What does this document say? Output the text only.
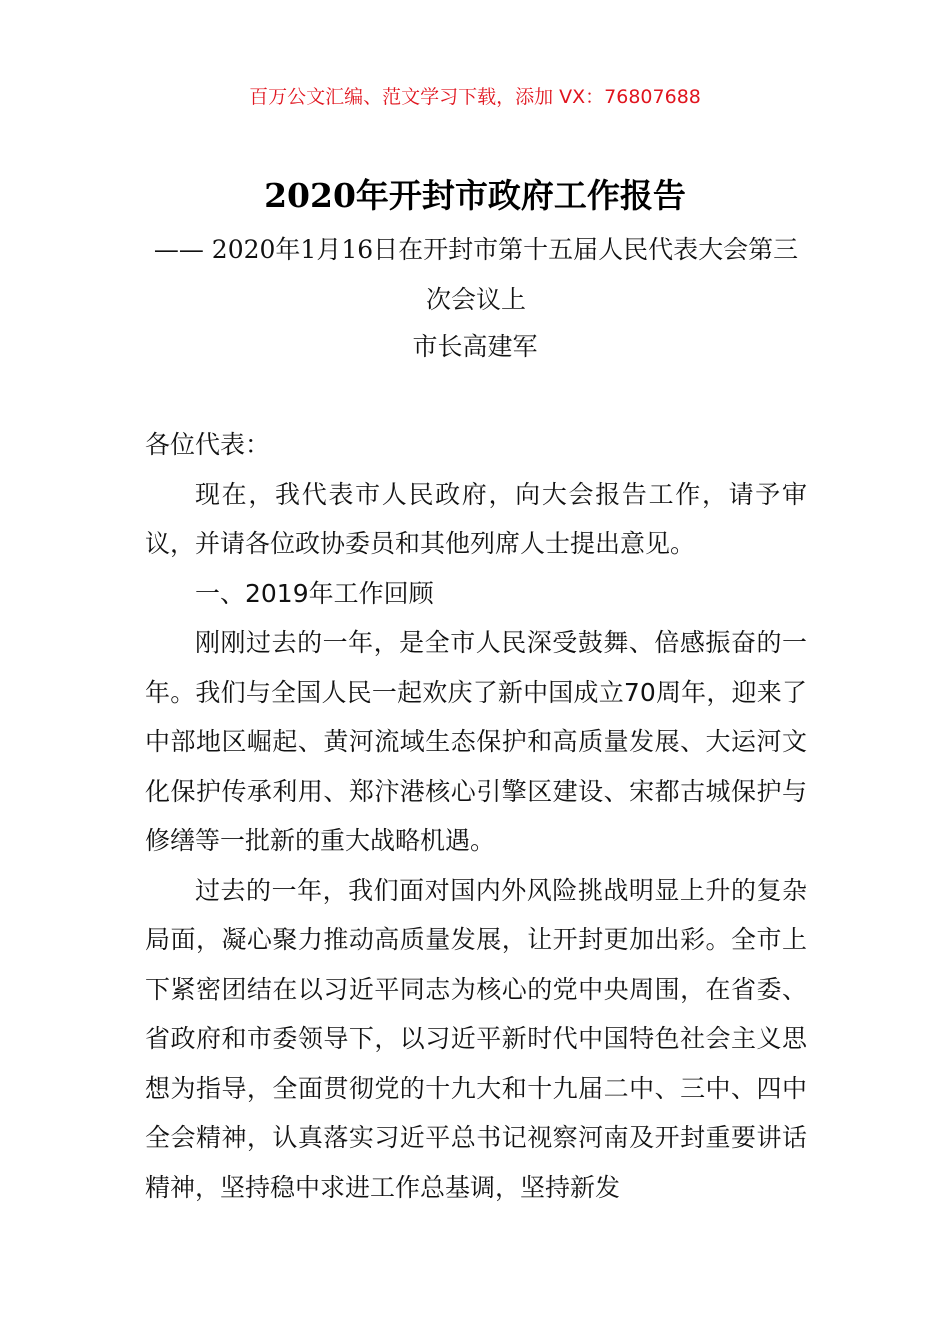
百万公文汇编、范文学习下载，添加 VX：76807688
2020年开封市政府工作报告
—— 2020年1月16日在开封市第十五届人民代表大会第三次会议上
市长高建军

各位代表：

现在，我代表市人民政府，向大会报告工作，请予审议，并请各位政协委员和其他列席人士提出意见。

一、2019年工作回顾

刚刚过去的一年，是全市人民深受鼓舞、倍感振奋的一年。我们与全国人民一起欢庆了新中国成立70周年，迎来了中部地区崛起、黄河流域生态保护和高质量发展、大运河文化保护传承利用、郑汴港核心引擎区建设、宋都古城保护与修缮等一批新的重大战略机遇。

过去的一年，我们面对国内外风险挑战明显上升的复杂局面，凝心聚力推动高质量发展，让开封更加出彩。全市上下紧密团结在以习近平同志为核心的党中央周围，在省委、省政府和市委领导下，以习近平新时代中国特色社会主义思想为指导，全面贯彻党的十九大和十九届二中、三中、四中全会精神，认真落实习近平总书记视察河南及开封重要讲话精神，坚持稳中求进工作总基调，坚持新发
